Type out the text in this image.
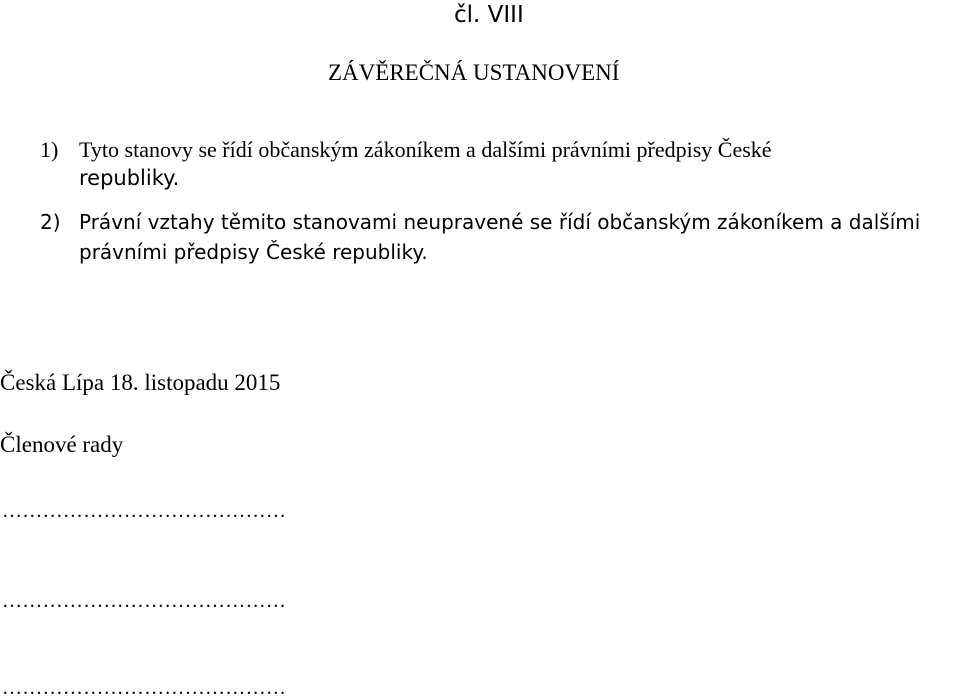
čl. VIII
ZÁVĚREČNÁ USTANOVENÍ
1) Tyto stanovy se řídí občanským zákoníkem a dalšími právními předpisy České
republiky.
2) Právní vztahy těmito stanovami neupravené se řídí občanským zákoníkem a dalšími
právními předpisy České republiky.
Česká Lípa 18. listopadu 2015
Členové rady
……………………………………
……………………………………
……………………………………
